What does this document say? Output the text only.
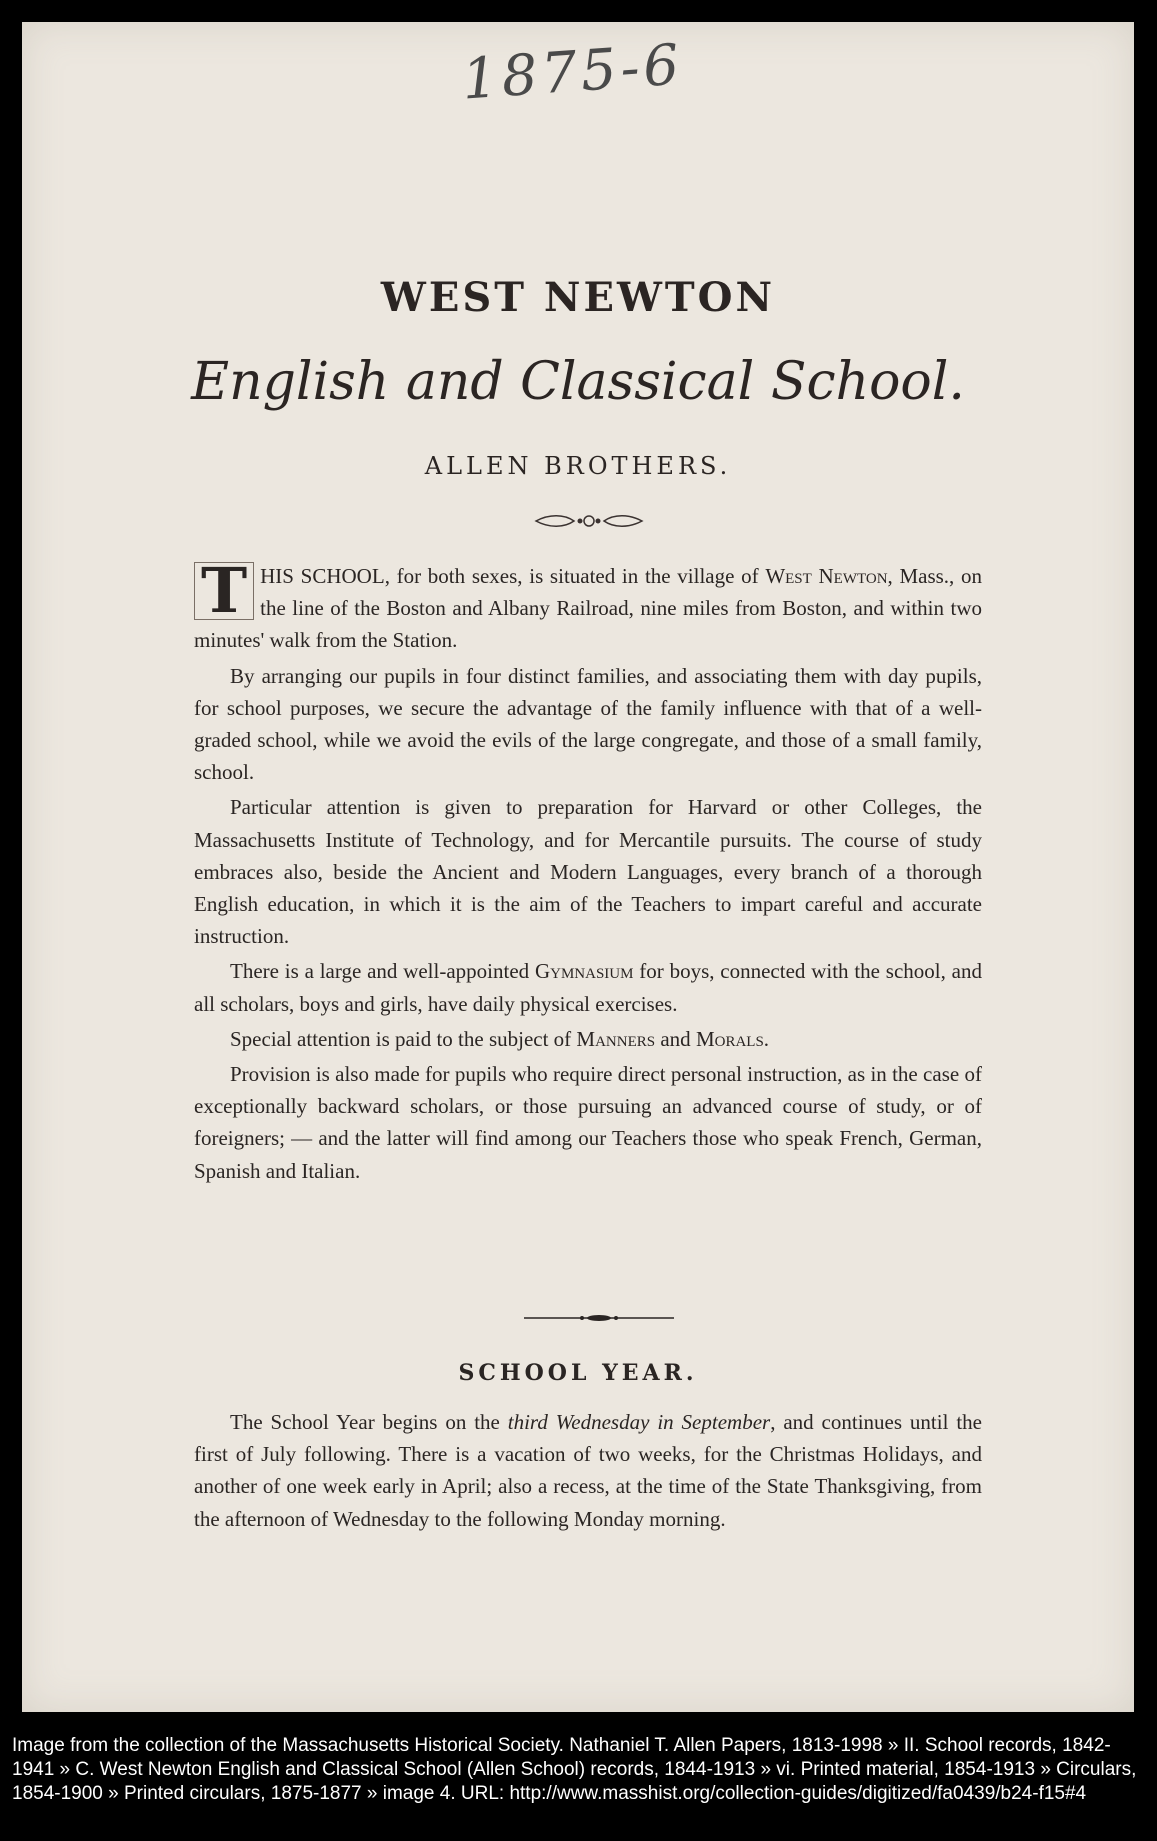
1875-6
WEST NEWTON
English and Classical School.
ALLEN BROTHERS.

T HIS SCHOOL, for both sexes, is situated in the village of West Newton, Mass., on the line of the Boston and Albany Railroad, nine miles from Boston, and within two minutes' walk from the Station.

By arranging our pupils in four distinct families, and associating them with day pupils, for school purposes, we secure the advantage of the family influence with that of a well-graded school, while we avoid the evils of the large congregate, and those of a small family, school.

Particular attention is given to preparation for Harvard or other Colleges, the Massachusetts Institute of Technology, and for Mercantile pursuits. The course of study embraces also, beside the Ancient and Modern Languages, every branch of a thorough English education, in which it is the aim of the Teachers to impart careful and accurate instruction.

There is a large and well-appointed Gymnasium for boys, connected with the school, and all scholars, boys and girls, have daily physical exercises.

Special attention is paid to the subject of Manners and Morals.

Provision is also made for pupils who require direct personal instruction, as in the case of exceptionally backward scholars, or those pursuing an advanced course of study, or of foreigners; — and the latter will find among our Teachers those who speak French, German, Spanish and Italian.

SCHOOL YEAR.

The School Year begins on the third Wednesday in September, and continues until the first of July following. There is a vacation of two weeks, for the Christmas Holidays, and another of one week early in April; also a recess, at the time of the State Thanksgiving, from the afternoon of Wednesday to the following Monday morning.

Image from the collection of the Massachusetts Historical Society. Nathaniel T. Allen Papers, 1813-1998 » II. School records, 1842-1941 » C. West Newton English and Classical School (Allen School) records, 1844-1913 » vi. Printed material, 1854-1913 » Circulars, 1854-1900 » Printed circulars, 1875-1877 » image 4. URL: http://www.masshist.org/collection-guides/digitized/fa0439/b24-f15#4
